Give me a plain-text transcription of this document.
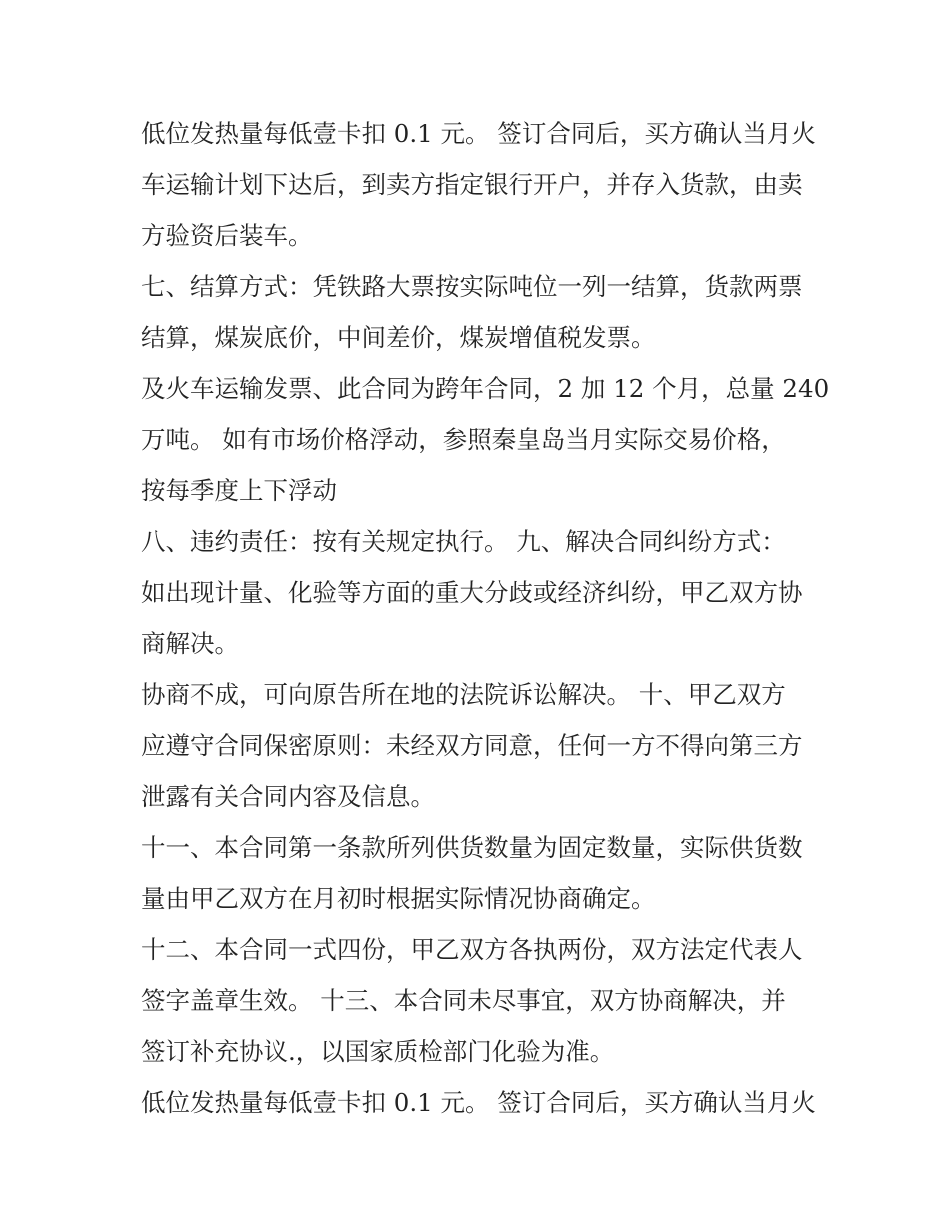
低位发热量每低壹卡扣 0.1 元。 签订合同后，买方确认当月火
车运输计划下达后，到卖方指定银行开户，并存入货款，由卖
方验资后装车。
七、结算方式：凭铁路大票按实际吨位一列一结算，货款两票
结算，煤炭底价，中间差价，煤炭增值税发票。
及火车运输发票、此合同为跨年合同，2 加 12 个月，总量 240
万吨。 如有市场价格浮动，参照秦皇岛当月实际交易价格，
按每季度上下浮动
八、违约责任：按有关规定执行。 九、解决合同纠纷方式：
如出现计量、化验等方面的重大分歧或经济纠纷，甲乙双方协
商解决。
协商不成，可向原告所在地的法院诉讼解决。 十、甲乙双方
应遵守合同保密原则：未经双方同意，任何一方不得向第三方
泄露有关合同内容及信息。
十一、本合同第一条款所列供货数量为固定数量，实际供货数
量由甲乙双方在月初时根据实际情况协商确定。
十二、本合同一式四份，甲乙双方各执两份，双方法定代表人
签字盖章生效。 十三、本合同未尽事宜，双方协商解决，并
签订补充协议.，以国家质检部门化验为准。
低位发热量每低壹卡扣 0.1 元。 签订合同后，买方确认当月火
